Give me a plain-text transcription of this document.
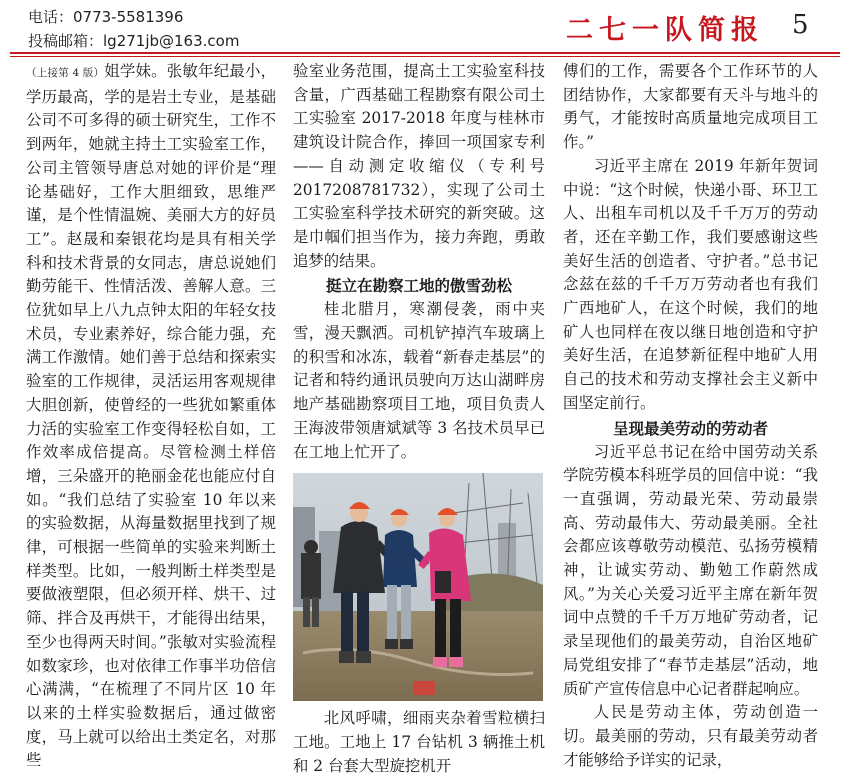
电话：0773-5581396
投稿邮箱：lg271jb@163.com	二七一队简报 5

（上接第 4 版）姐学妹。张敏年纪最小，学历最高，学的是岩土专业，是基础公司不可多得的硕士研究生，工作不到两年，她就主持土工实验室工作，公司主管领导唐总对她的评价是“理论基础好，工作大胆细致，思维严谨，是个性情温婉、美丽大方的好员工”。赵晟和秦银花均是具有相关学科和技术背景的女同志，唐总说她们勤劳能干、性情活泼、善解人意。三位犹如早上八九点钟太阳的年轻女技术员，专业素养好，综合能力强，充满工作激情。她们善于总结和探索实验室的工作规律，灵活运用客观规律大胆创新，使曾经的一些犹如繁重体力活的实验室工作变得轻松自如，工作效率成倍提高。尽管检测土样倍增，三朵盛开的艳丽金花也能应付自如。“我们总结了实验室 10 年以来的实验数据，从海量数据里找到了规律，可根据一些简单的实验来判断土样类型。比如，一般判断土样类型是要做液塑限，但必须开样、烘干、过筛、拌合及再烘干，才能得出结果，至少也得两天时间。”张敏对实验流程如数家珍，也对依律工作事半功倍信心满满，“在梳理了不同片区 10 年以来的土样实验数据后，通过做密度，马上就可以给出土类定名，对那些

验室业务范围，提高土工实验室科技含量，广西基础工程勘察有限公司土工实验室 2017-2018 年度与桂林市建筑设计院合作，捧回一项国家专利——自动测定收缩仪（专利号 2017208781732），实现了公司土工实验室科学技术研究的新突破。这是巾帼们担当作为，接力奔跑，勇敢追梦的结果。

挺立在勘察工地的傲雪劲松

桂北腊月，寒潮侵袭，雨中夹雪，漫天飘洒。司机铲掉汽车玻璃上的积雪和冰冻，载着“新春走基层”的记者和特约通讯员驶向万达山湖畔房地产基础勘察项目工地，项目负责人王海波带领唐斌斌等 3 名技术员早已在工地上忙开了。

北风呼啸，细雨夹杂着雪粒横扫工地。工地上 17 台钻机 3 辆推土机和 2 台套大型旋挖机开

傅们的工作，需要各个工作环节的人团结协作，大家都要有天斗与地斗的勇气，才能按时高质量地完成项目工作。”

习近平主席在 2019 年新年贺词中说：“这个时候，快递小哥、环卫工人、出租车司机以及千千万万的劳动者，还在辛勤工作，我们要感谢这些美好生活的创造者、守护者。”总书记念兹在兹的千千万万劳动者也有我们广西地矿人，在这个时候，我们的地矿人也同样在夜以继日地创造和守护美好生活，在追梦新征程中地矿人用自己的技术和劳动支撑社会主义新中国坚定前行。

呈现最美劳动的劳动者

习近平总书记在给中国劳动关系学院劳模本科班学员的回信中说：“我一直强调，劳动最光荣、劳动最崇高、劳动最伟大、劳动最美丽。全社会都应该尊敬劳动模范、弘扬劳模精神，让诚实劳动、勤勉工作蔚然成风。”为关心关爱习近平主席在新年贺词中点赞的千千万万地矿劳动者，记录呈现他们的最美劳动，自治区地矿局党组安排了“春节走基层”活动，地质矿产宣传信息中心记者群起响应。

人民是劳动主体，劳动创造一切。最美丽的劳动，只有最美劳动者才能够给予详实的记录，
